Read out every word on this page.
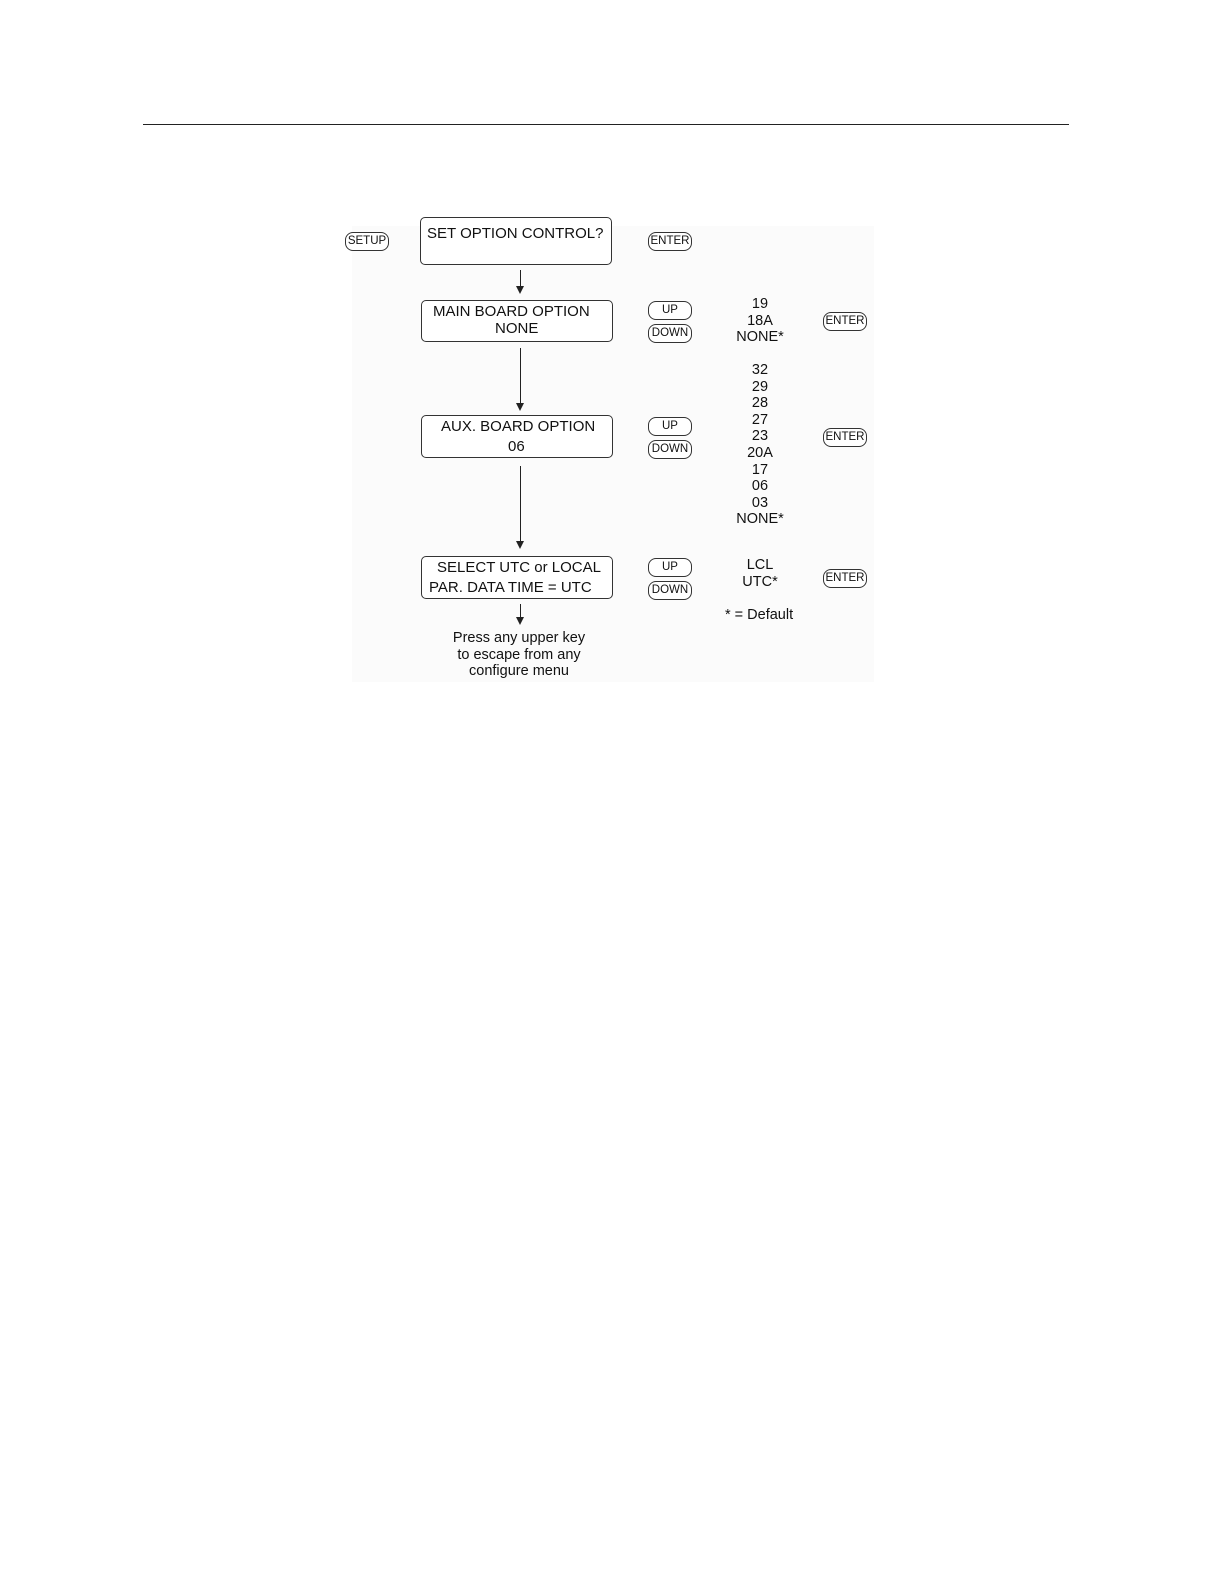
SETUP	SET OPTION CONTROL?	ENTER
MAIN BOARD OPTION
NONE
UP
DOWN
19
18A
NONE*
ENTER
AUX. BOARD OPTION
06
UP
DOWN
32
29
28
27
23
20A
17
06
03
NONE*
ENTER
SELECT UTC or LOCAL
PAR. DATA TIME = UTC
UP
DOWN
LCL
UTC*	ENTER
* = Default
Press any upper key
to escape from any
configure menu
